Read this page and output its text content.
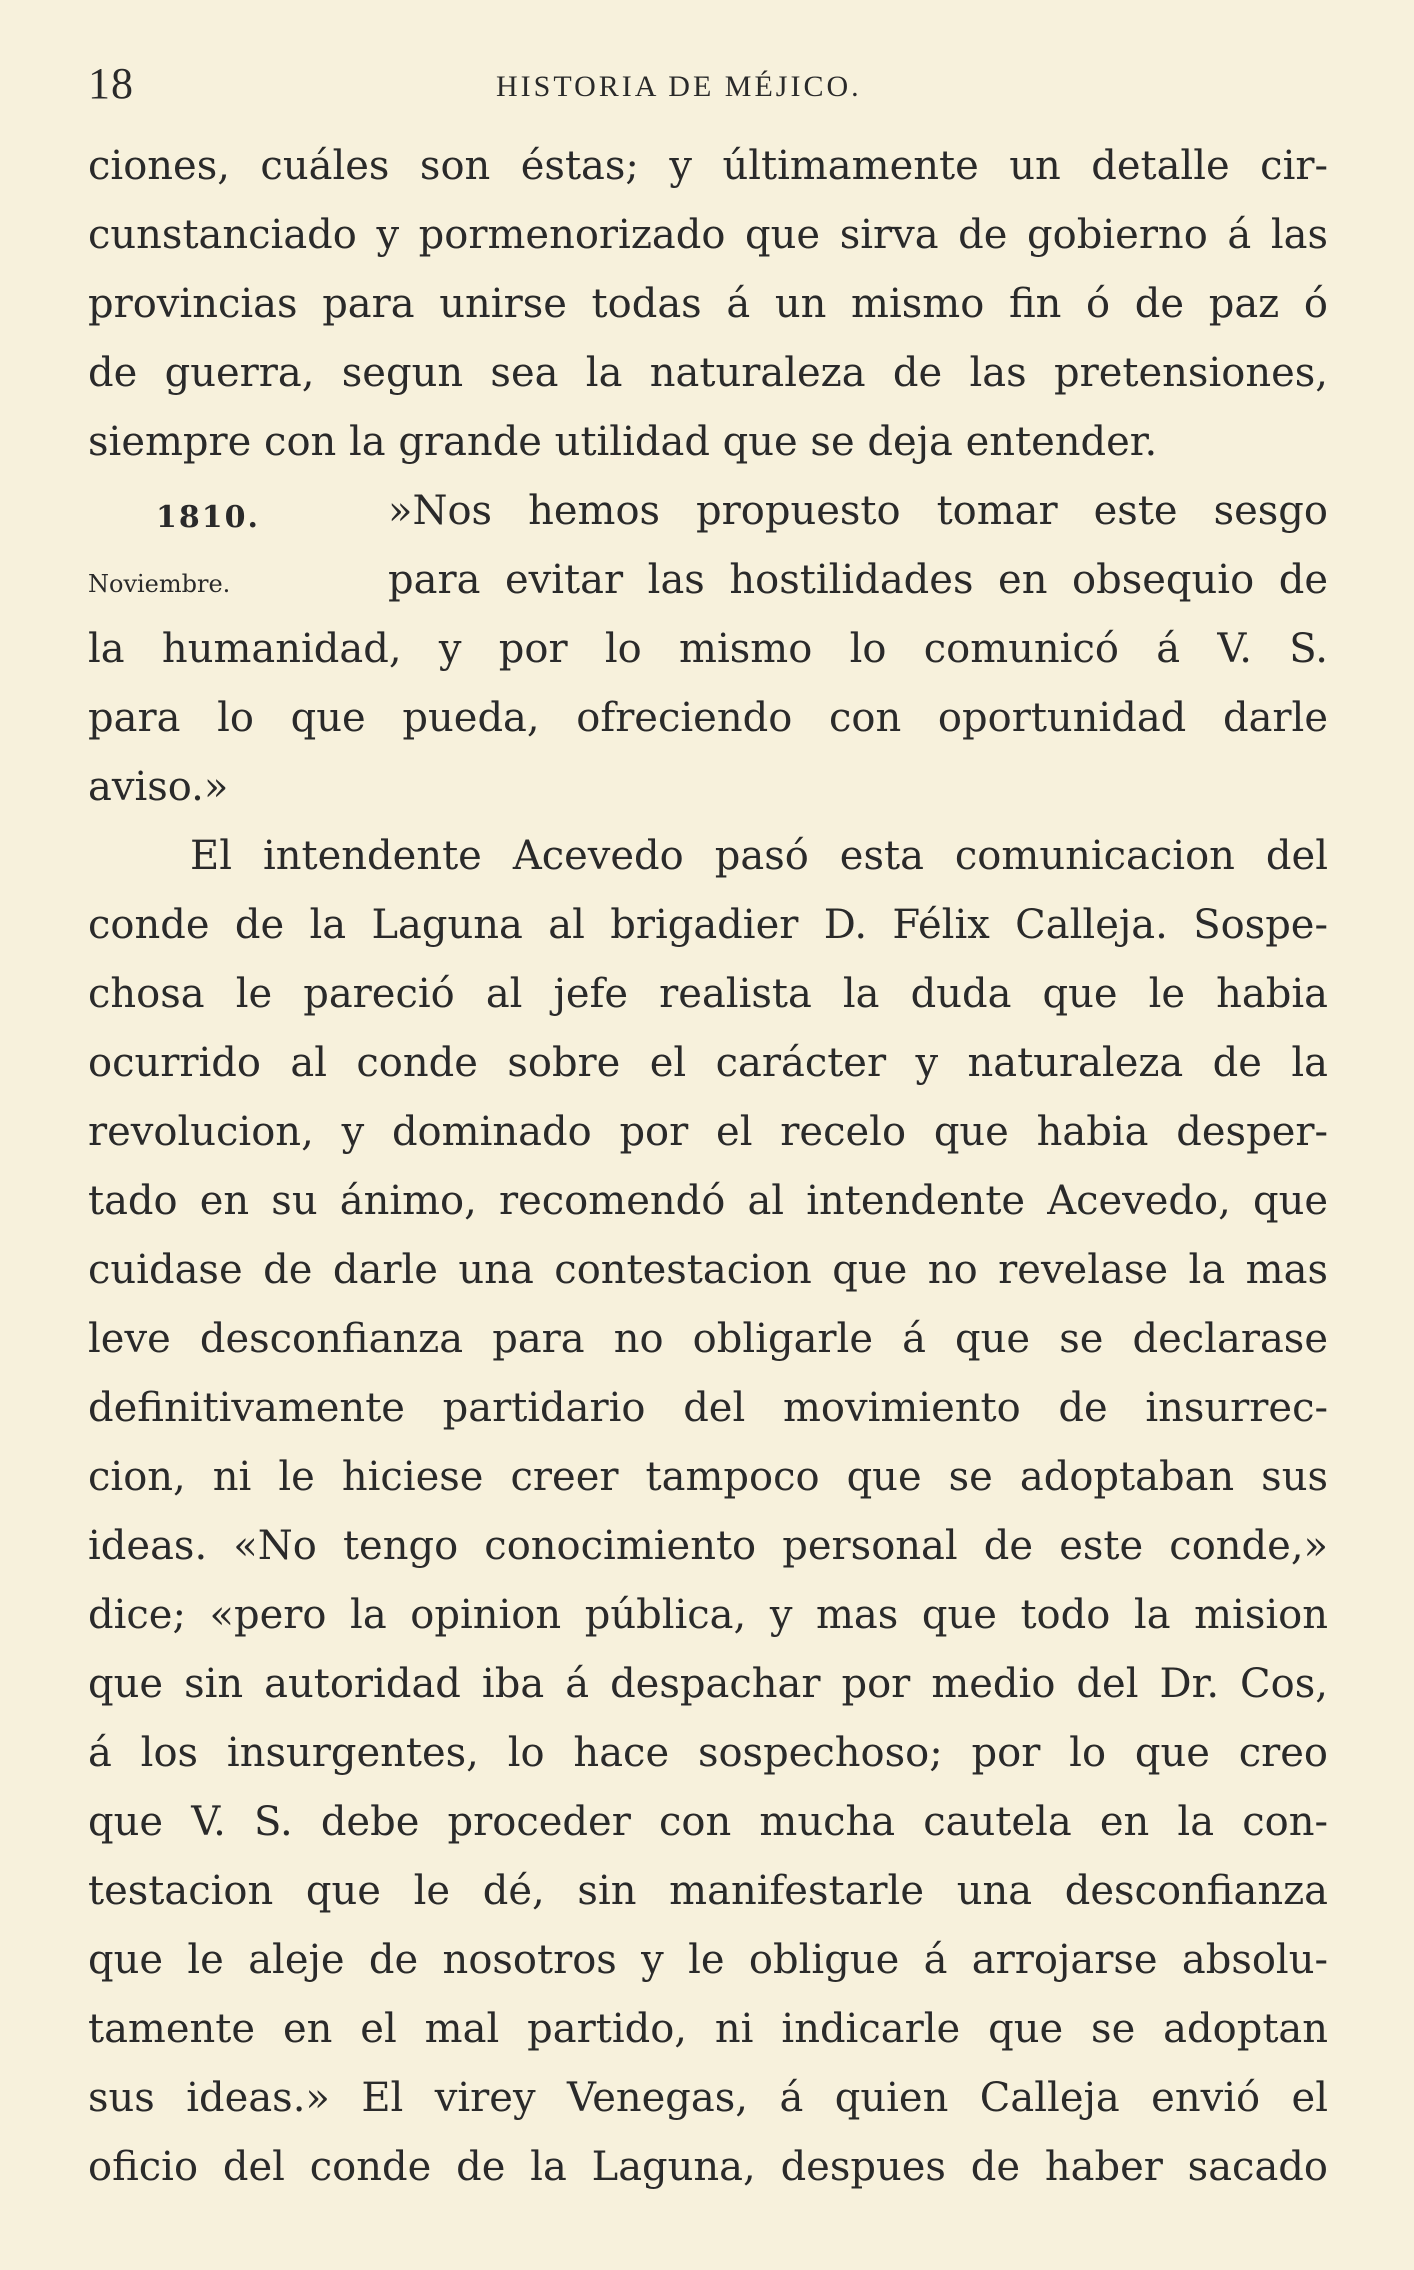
18	HISTORIA DE MÉJICO.
ciones, cuáles son éstas; y últimamente un detalle cir-
cunstanciado y pormenorizado que sirva de gobierno á las
provincias para unirse todas á un mismo fin ó de paz ó
de guerra, segun sea la naturaleza de las pretensiones,
siempre con la grande utilidad que se deja entender.
1810.	»Nos hemos propuesto tomar este sesgo
Noviembre.	para evitar las hostilidades en obsequio de
la humanidad, y por lo mismo lo comunicó á V. S.
para lo que pueda, ofreciendo con oportunidad darle
aviso.»
El intendente Acevedo pasó esta comunicacion del
conde de la Laguna al brigadier D. Félix Calleja. Sospe-
chosa le pareció al jefe realista la duda que le habia
ocurrido al conde sobre el carácter y naturaleza de la
revolucion, y dominado por el recelo que habia desper-
tado en su ánimo, recomendó al intendente Acevedo, que
cuidase de darle una contestacion que no revelase la mas
leve desconfianza para no obligarle á que se declarase
definitivamente partidario del movimiento de insurrec-
cion, ni le hiciese creer tampoco que se adoptaban sus
ideas. «No tengo conocimiento personal de este conde,»
dice; «pero la opinion pública, y mas que todo la mision
que sin autoridad iba á despachar por medio del Dr. Cos,
á los insurgentes, lo hace sospechoso; por lo que creo
que V. S. debe proceder con mucha cautela en la con-
testacion que le dé, sin manifestarle una desconfianza
que le aleje de nosotros y le obligue á arrojarse absolu-
tamente en el mal partido, ni indicarle que se adoptan
sus ideas.» El virey Venegas, á quien Calleja envió el
oficio del conde de la Laguna, despues de haber sacado
